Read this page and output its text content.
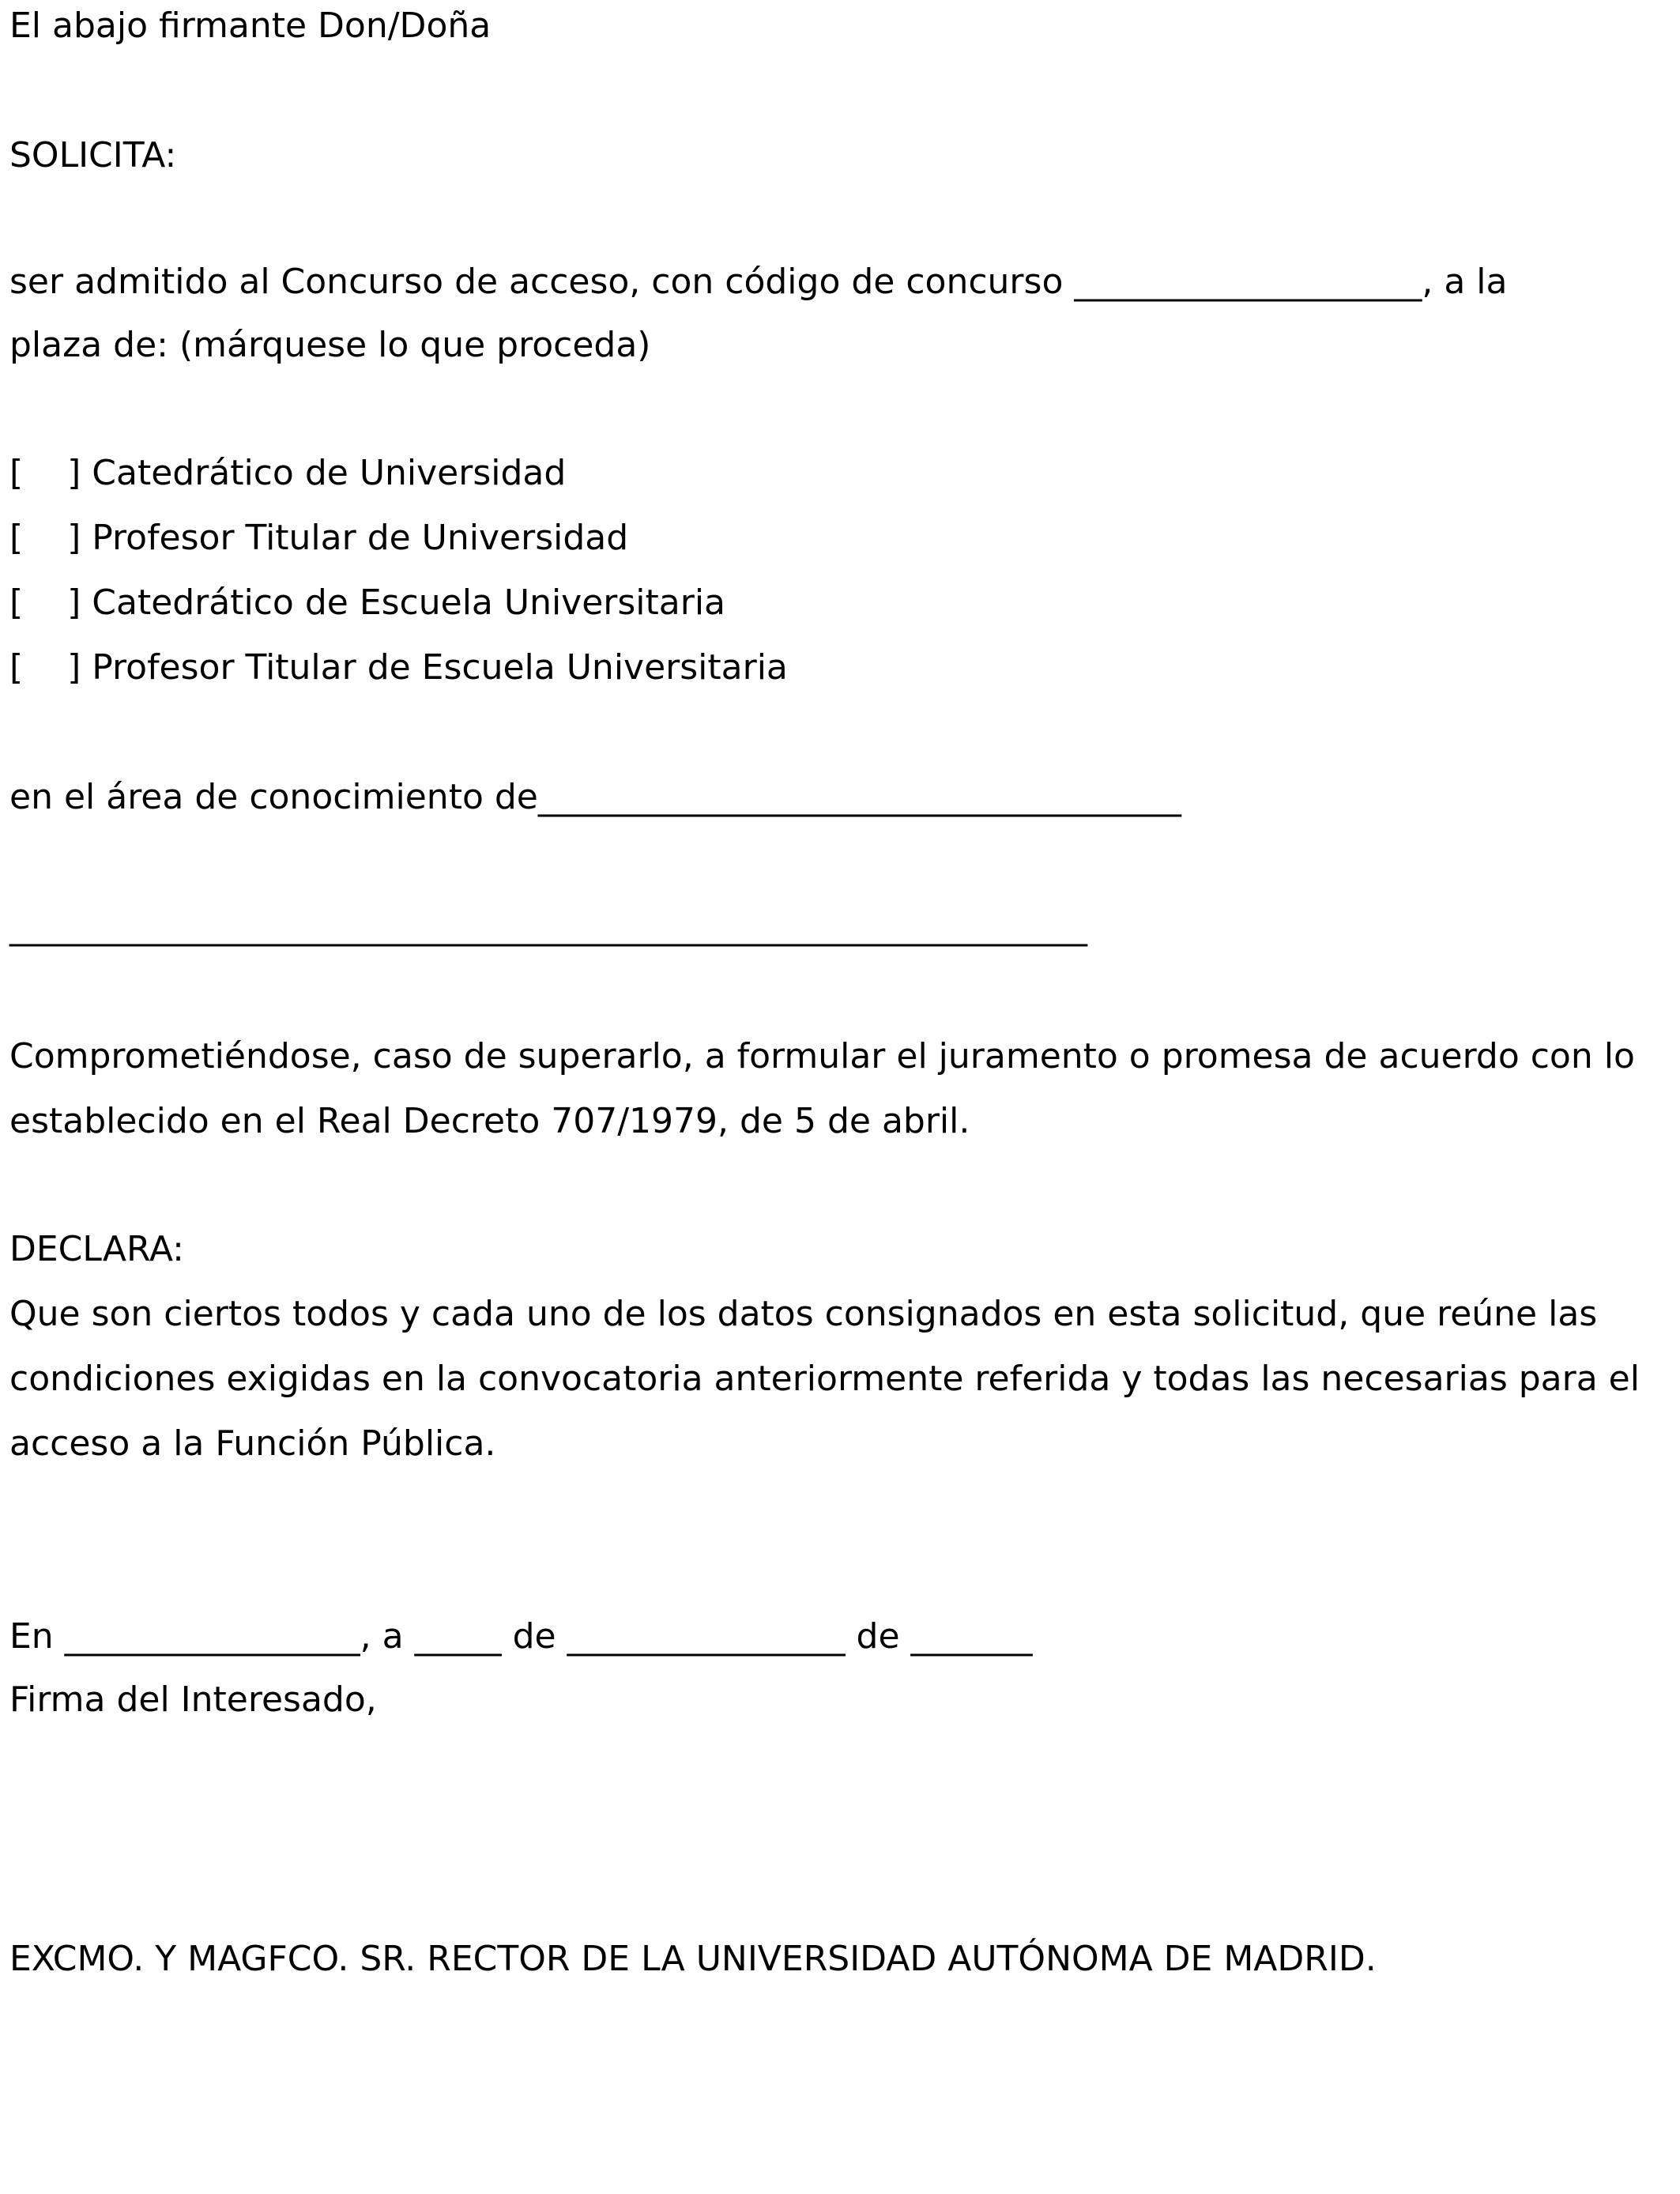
El abajo firmante Don/Doña
SOLICITA:
ser admitido al Concurso de acceso, con código de concurso ____________________, a la
plaza de: (márquese lo que proceda)
[    ] Catedrático de Universidad
[    ] Profesor Titular de Universidad
[    ] Catedrático de Escuela Universitaria
[    ] Profesor Titular de Escuela Universitaria
en el área de conocimiento de_____________________________________
______________________________________________________________
Comprometiéndose, caso de superarlo, a formular el juramento o promesa de acuerdo con lo
establecido en el Real Decreto 707/1979, de 5 de abril.
DECLARA:
Que son ciertos todos y cada uno de los datos consignados en esta solicitud, que reúne las
condiciones exigidas en la convocatoria anteriormente referida y todas las necesarias para el
acceso a la Función Pública.
En _________________, a _____ de ________________ de _______
Firma del Interesado,
EXCMO. Y MAGFCO. SR. RECTOR DE LA UNIVERSIDAD AUTÓNOMA DE MADRID.
